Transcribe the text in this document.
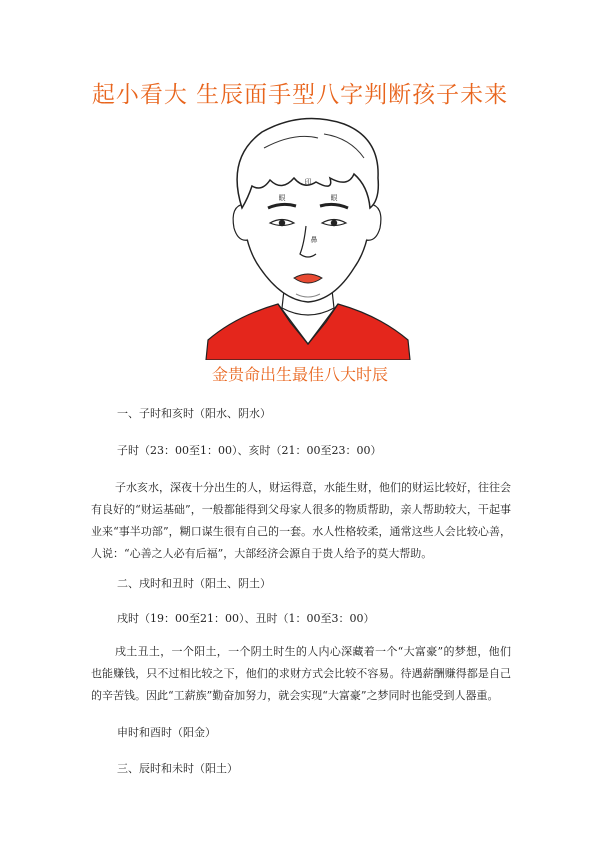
起小看大 生辰面手型八字判断孩子未来
印
眼	眼
鼻
金贵命出生最佳八大时辰
一、子时和亥时（阳水、阴水）
子时（23：00至1：00）、亥时（21：00至23：00）
子水亥水，深夜十分出生的人，财运得意，水能生财，他们的财运比较好，往往会有良好的“财运基础”，一般都能得到父母家人很多的物质帮助，亲人帮助较大，干起事业来“事半功部”，糊口谋生很有自己的一套。水人性格较柔，通常这些人会比较心善，人说：“心善之人必有后福”，大部经济会源自于贵人给予的莫大帮助。
二、戌时和丑时（阳土、阴土）
戌时（19：00至21：00）、丑时（1：00至3：00）
戌土丑土，一个阳土，一个阴土时生的人内心深藏着一个“大富豪”的梦想，他们也能赚钱，只不过相比较之下，他们的求财方式会比较不容易。待遇薪酬赚得都是自己的辛苦钱。因此“工薪族”勤奋加努力，就会实现“大富豪”之梦同时也能受到人器重。
申时和酉时（阳金）
三、辰时和未时（阳土）
